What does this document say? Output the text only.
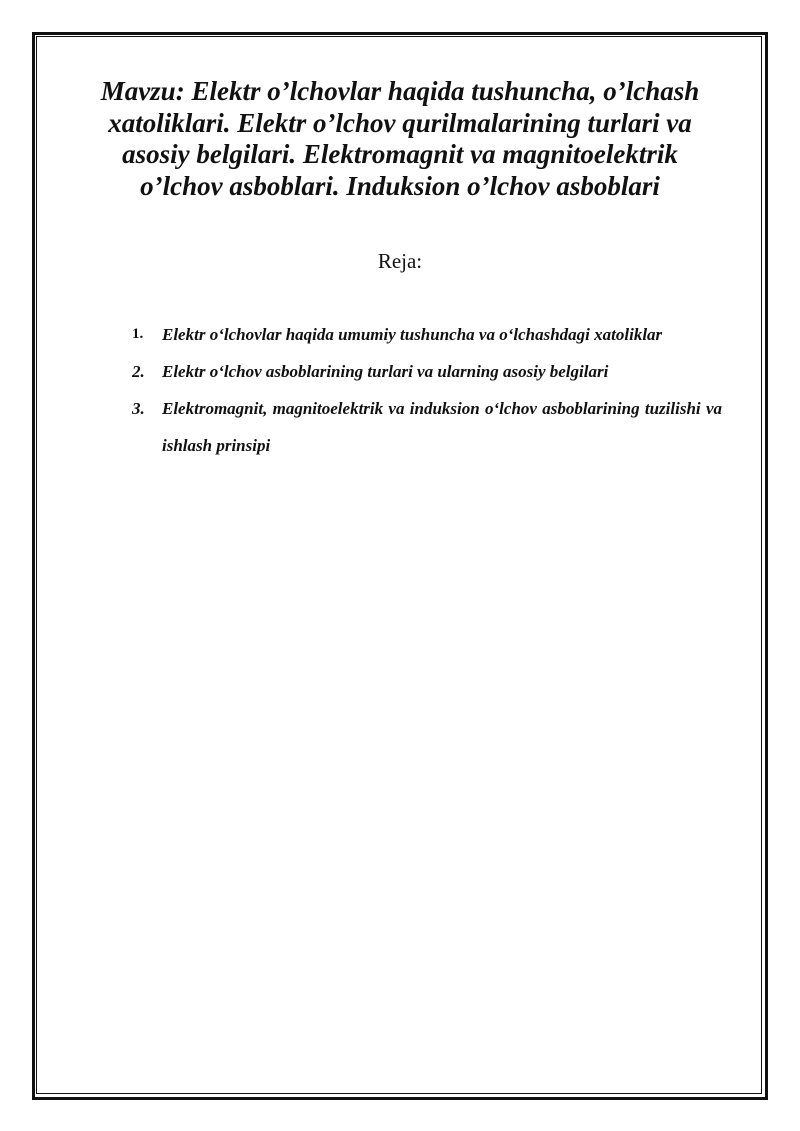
Mavzu: Elektr o’lchovlar haqida tushuncha, o’lchash xatoliklari. Elektr o’lchov qurilmalarining turlari va asosiy belgilari. Elektromagnit va magnitoelektrik o’lchov asboblari. Induksion o’lchov asboblari

Reja:

1.	Elektr o‘lchovlar haqida umumiy tushuncha va o‘lchashdagi xatoliklar
2.	Elektr o‘lchov asboblarining turlari va ularning asosiy belgilari
3.	Elektromagnit, magnitoelektrik va induksion o‘lchov asboblarining tuzilishi va ishlash prinsipi
